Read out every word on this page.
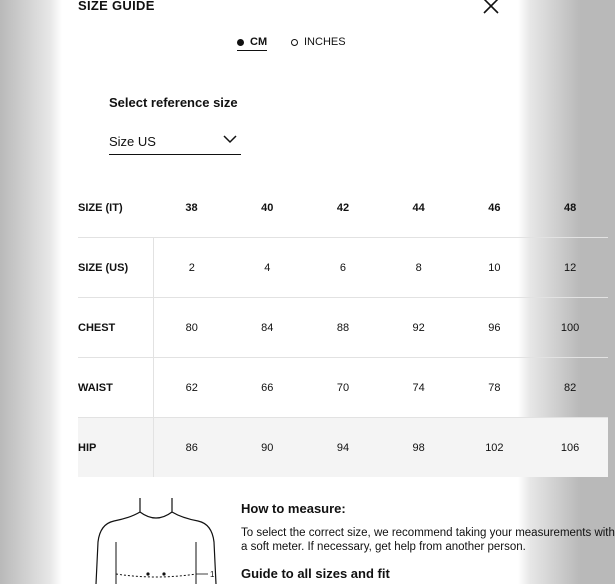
SIZE GUIDE
CM	INCHES
Select reference size
Size US
SIZE (IT)	38	40	42	44	46	48
SIZE (US)	2	4	6	8	10	12
CHEST	80	84	88	92	96	100
WAIST	62	66	70	74	78	82
HIP	86	90	94	98	102	106
1
How to measure:
To select the correct size, we recommend taking your measurements with
a soft meter. If necessary, get help from another person.
Guide to all sizes and fit
